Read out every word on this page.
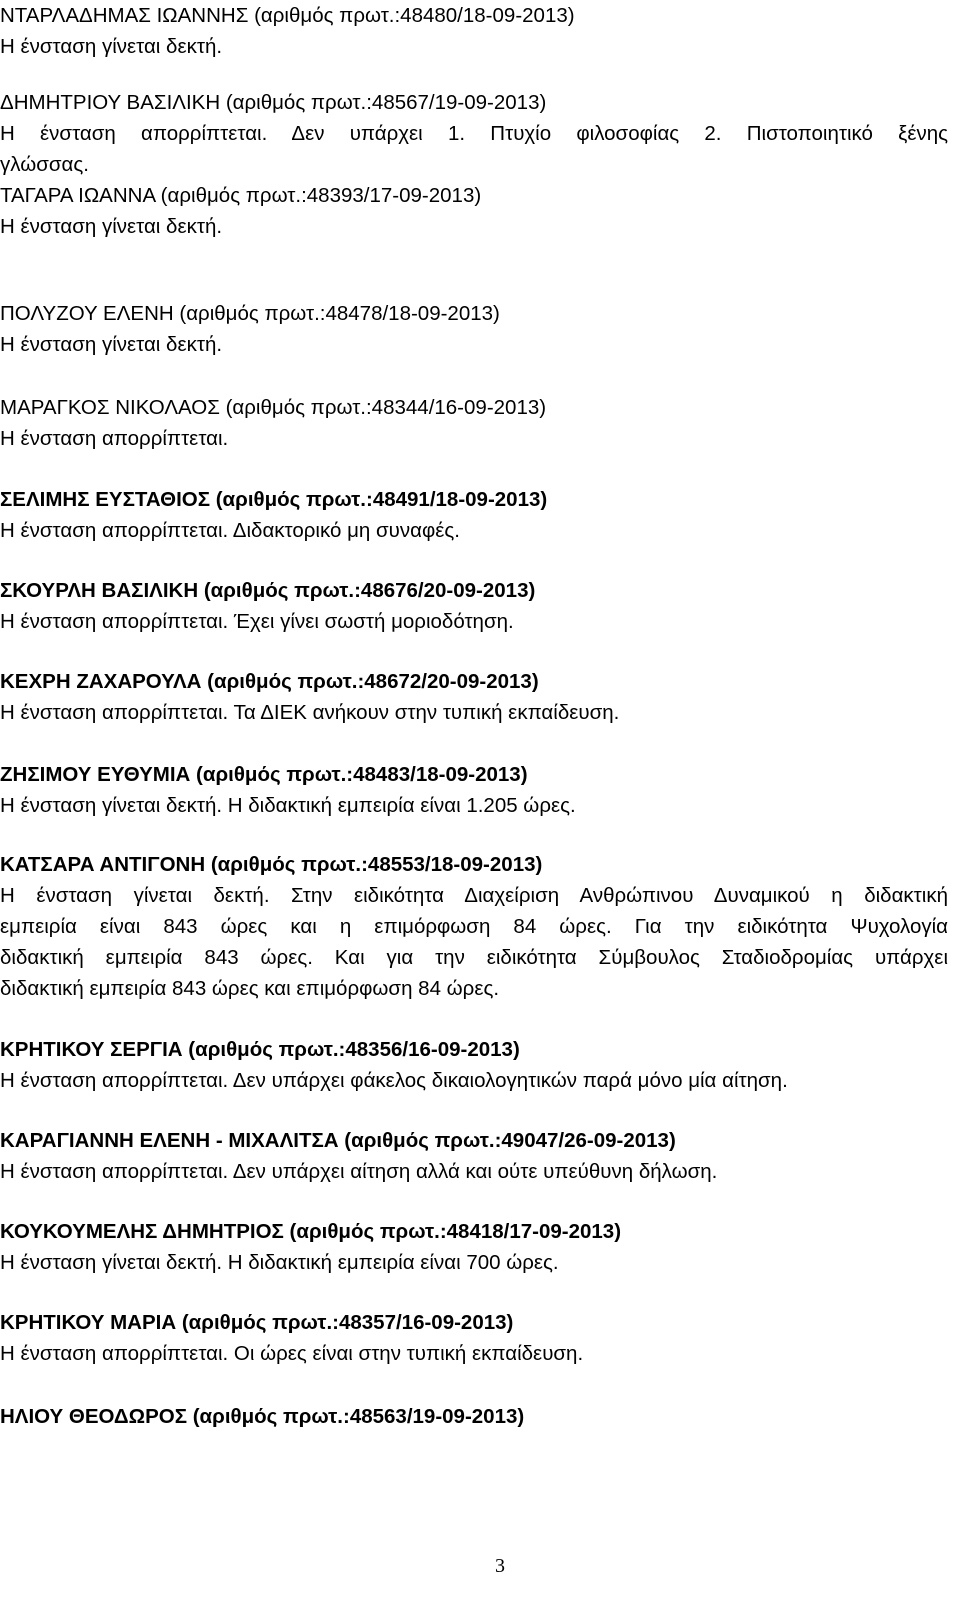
ΝΤΑΡΛΑΔΗΜΑΣ ΙΩΑΝΝΗΣ (αριθμός πρωτ.:48480/18-09-2013)
Η ένσταση γίνεται δεκτή.
ΔΗΜΗΤΡΙΟΥ ΒΑΣΙΛΙΚΗ (αριθμός πρωτ.:48567/19-09-2013)
Η ένσταση απορρίπτεται. Δεν υπάρχει 1. Πτυχίο φιλοσοφίας 2. Πιστοποιητικό ξένης
γλώσσας.
ΤΑΓΑΡΑ ΙΩΑΝΝΑ (αριθμός πρωτ.:48393/17-09-2013)
Η ένσταση γίνεται δεκτή.
ΠΟΛΥΖΟΥ ΕΛΕΝΗ (αριθμός πρωτ.:48478/18-09-2013)
Η ένσταση γίνεται δεκτή.
ΜΑΡΑΓΚΟΣ ΝΙΚΟΛΑΟΣ (αριθμός πρωτ.:48344/16-09-2013)
Η ένσταση απορρίπτεται.
ΣΕΛΙΜΗΣ ΕΥΣΤΑΘΙΟΣ (αριθμός πρωτ.:48491/18-09-2013)
Η ένσταση απορρίπτεται. Διδακτορικό μη συναφές.
ΣΚΟΥΡΛΗ ΒΑΣΙΛΙΚΗ (αριθμός πρωτ.:48676/20-09-2013)
Η ένσταση απορρίπτεται. Έχει γίνει σωστή μοριοδότηση.
ΚΕΧΡΗ ΖΑΧΑΡΟΥΛΑ (αριθμός πρωτ.:48672/20-09-2013)
Η ένσταση απορρίπτεται. Τα ΔΙΕΚ ανήκουν στην τυπική εκπαίδευση.
ΖΗΣΙΜΟΥ ΕΥΘΥΜΙΑ (αριθμός πρωτ.:48483/18-09-2013)
Η ένσταση γίνεται δεκτή. Η διδακτική εμπειρία είναι 1.205 ώρες.
ΚΑΤΣΑΡΑ ΑΝΤΙΓΟΝΗ (αριθμός πρωτ.:48553/18-09-2013)
Η ένσταση γίνεται δεκτή. Στην ειδικότητα Διαχείριση Ανθρώπινου Δυναμικού η διδακτική
εμπειρία είναι 843 ώρες και η επιμόρφωση 84 ώρες. Για την ειδικότητα Ψυχολογία
διδακτική εμπειρία 843 ώρες. Και για την ειδικότητα Σύμβουλος Σταδιοδρομίας υπάρχει
διδακτική εμπειρία 843 ώρες και επιμόρφωση 84 ώρες.
ΚΡΗΤΙΚΟΥ ΣΕΡΓΙΑ (αριθμός πρωτ.:48356/16-09-2013)
Η ένσταση απορρίπτεται. Δεν υπάρχει φάκελος δικαιολογητικών παρά μόνο μία αίτηση.
ΚΑΡΑΓΙΑΝΝΗ ΕΛΕΝΗ - ΜΙΧΑΛΙΤΣΑ (αριθμός πρωτ.:49047/26-09-2013)
Η ένσταση απορρίπτεται. Δεν υπάρχει αίτηση αλλά και ούτε υπεύθυνη δήλωση.
ΚΟΥΚΟΥΜΕΛΗΣ ΔΗΜΗΤΡΙΟΣ (αριθμός πρωτ.:48418/17-09-2013)
Η ένσταση γίνεται δεκτή. Η διδακτική εμπειρία είναι 700 ώρες.
ΚΡΗΤΙΚΟΥ ΜΑΡΙΑ (αριθμός πρωτ.:48357/16-09-2013)
Η ένσταση απορρίπτεται. Οι ώρες είναι στην τυπική εκπαίδευση.
ΗΛΙΟΥ ΘΕΟΔΩΡΟΣ (αριθμός πρωτ.:48563/19-09-2013)
3
